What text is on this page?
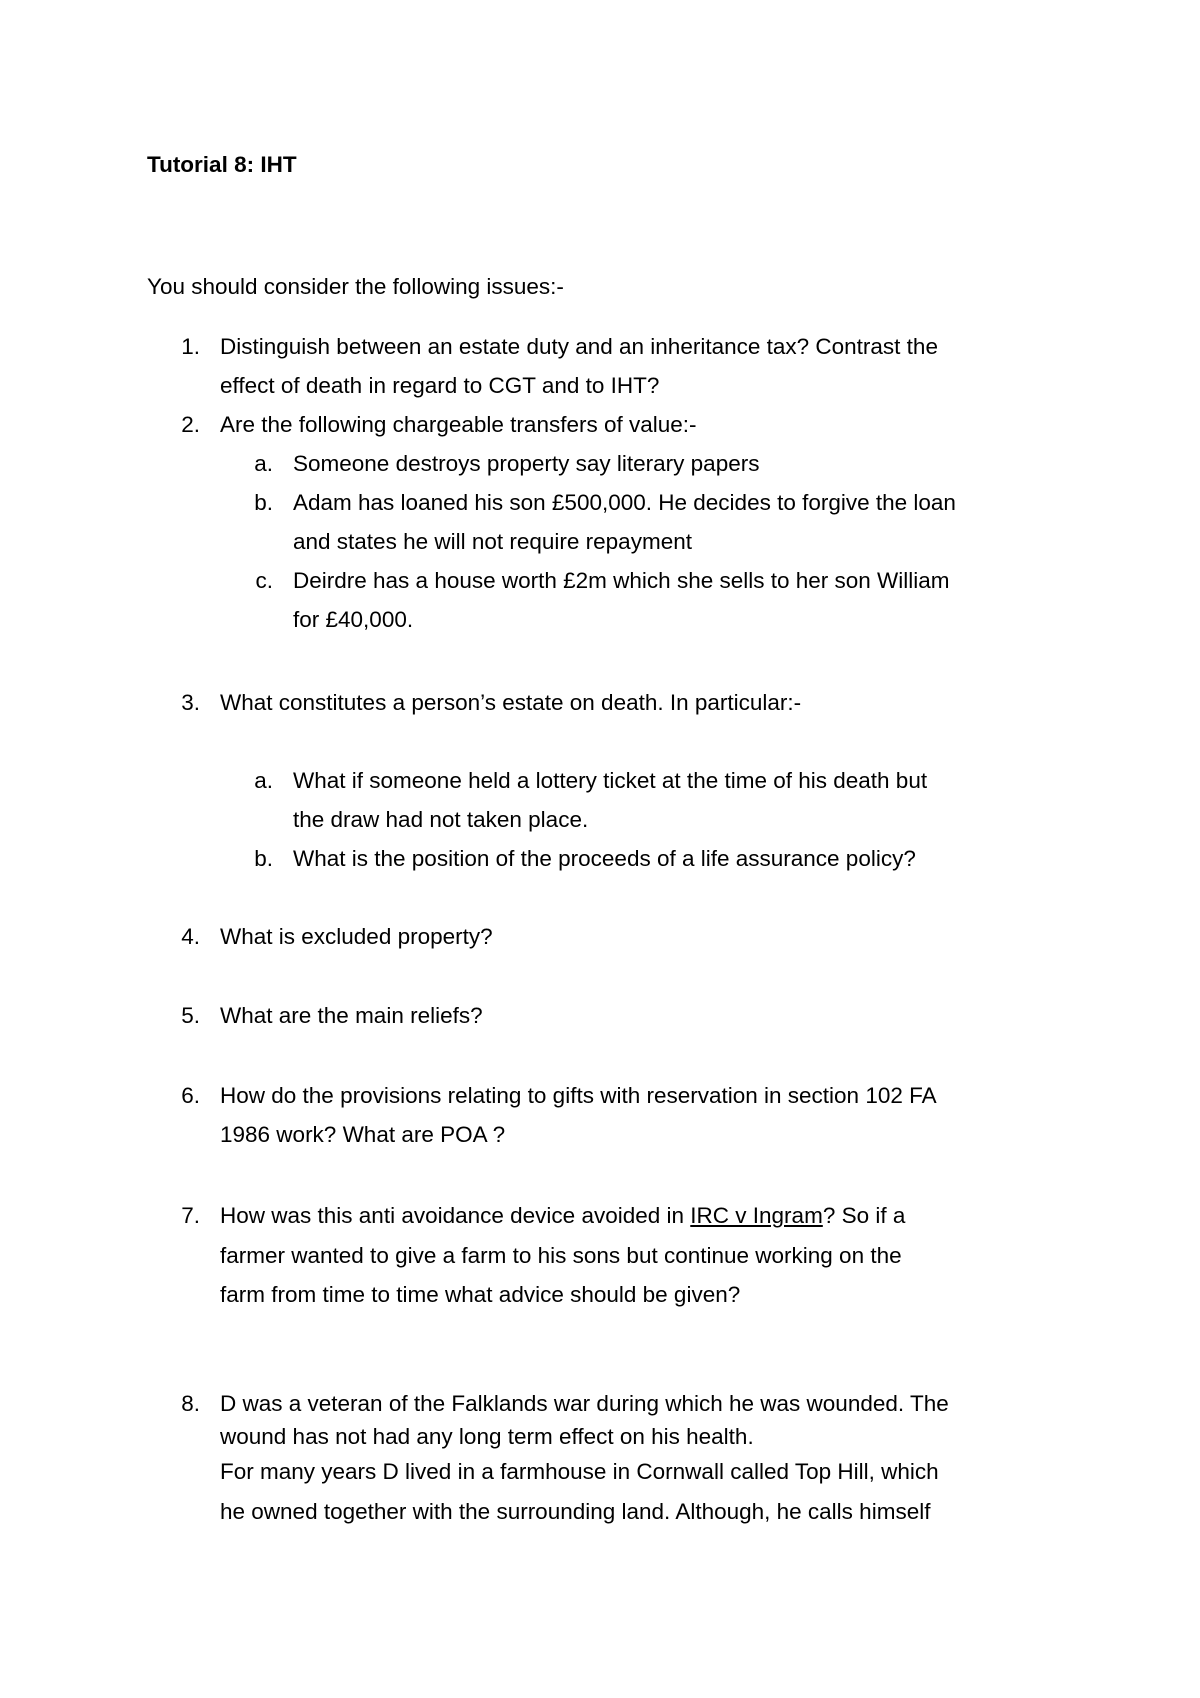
Tutorial 8: IHT
You should consider the following issues:-
1. Distinguish between an estate duty and an inheritance tax? Contrast the
effect of death in regard to CGT and to IHT?
2. Are the following chargeable transfers of value:-
a. Someone destroys property say literary papers
b. Adam has loaned his son £500,000. He decides to forgive the loan
and states he will not require repayment
c. Deirdre has a house worth £2m which she sells to her son William
for £40,000.
3. What constitutes a person’s estate on death. In particular:-
a. What if someone held a lottery ticket at the time of his death but
the draw had not taken place.
b. What is the position of the proceeds of a life assurance policy?
4. What is excluded property?
5. What are the main reliefs?
6. How do the provisions relating to gifts with reservation in section 102 FA
1986 work? What are POA ?
7. How was this anti avoidance device avoided in IRC v Ingram? So if a
farmer wanted to give a farm to his sons but continue working on the
farm from time to time what advice should be given?
8. D was a veteran of the Falklands war during which he was wounded. The
wound has not had any long term effect on his health.
For many years D lived in a farmhouse in Cornwall called Top Hill, which
he owned together with the surrounding land. Although, he calls himself
